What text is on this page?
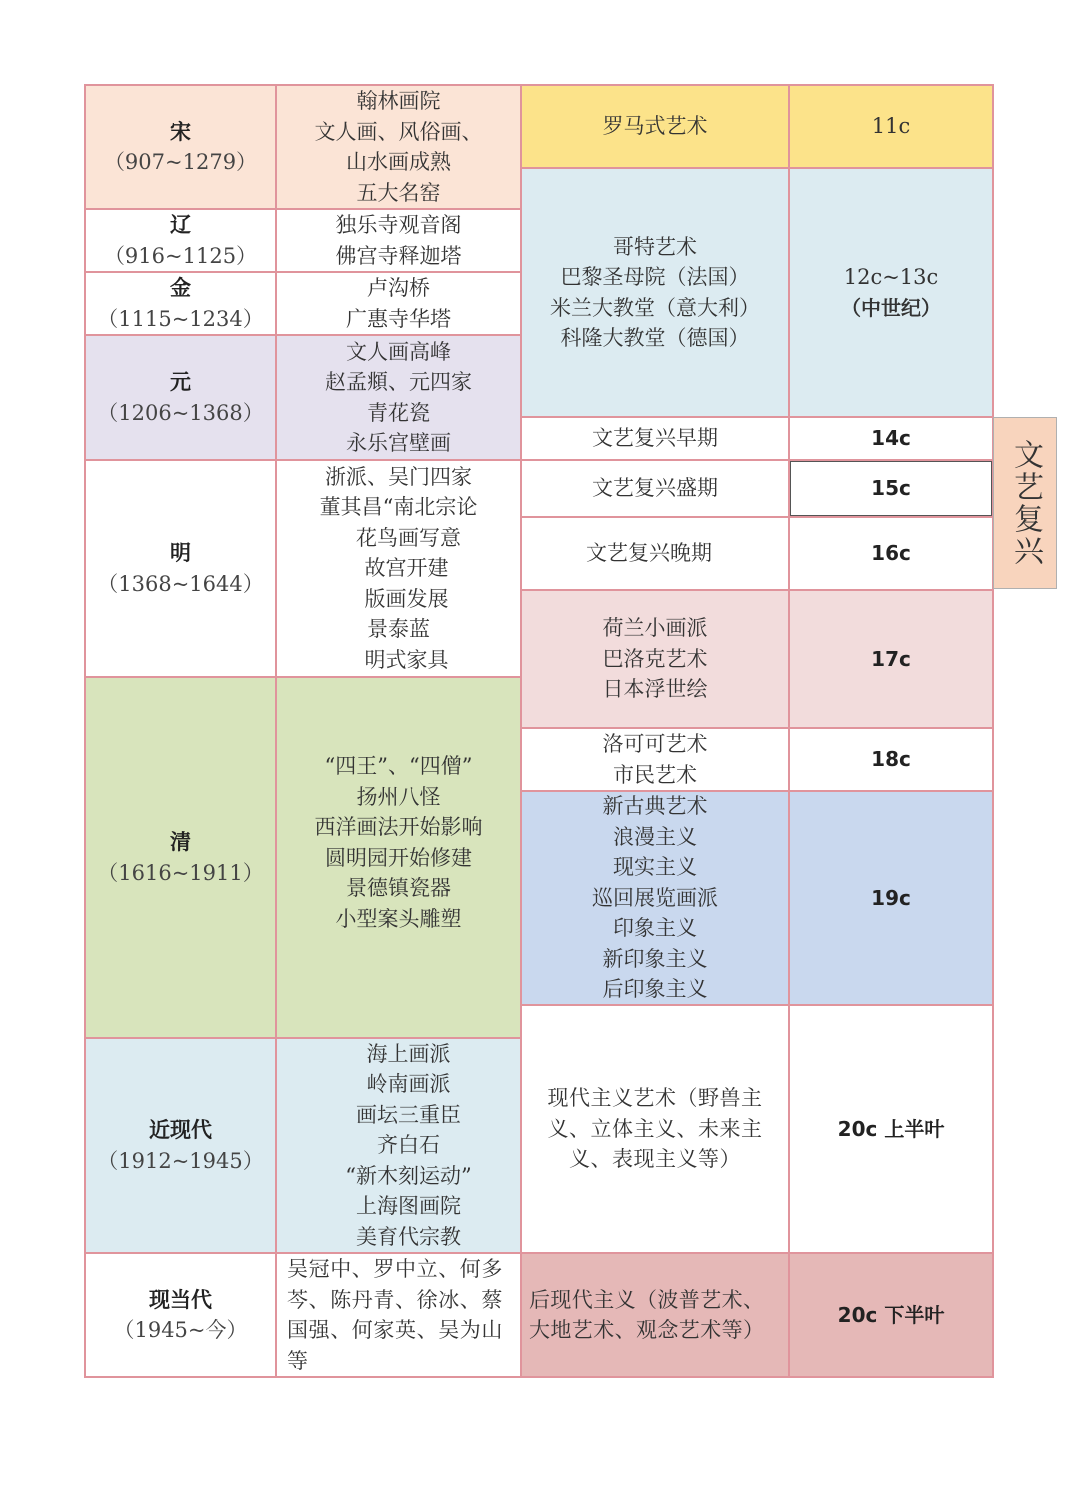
宋
（907~1279）
辽
（916~1125）
金
（1115~1234）
元
（1206~1368）
明
（1368~1644）
清
（1616~1911）
近现代
（1912~1945）
现当代
（1945~今）
翰林画院
文人画、风俗画、
山水画成熟
五大名窑
独乐寺观音阁
佛宫寺释迦塔
卢沟桥
广惠寺华塔
文人画高峰
赵孟頫、元四家
青花瓷
永乐宫壁画
浙派、吴门四家
董其昌“南北宗论
花鸟画写意
故宫开建
版画发展
景泰蓝
明式家具
“四王”、“四僧”
扬州八怪
西洋画法开始影响
圆明园开始修建
景德镇瓷器
小型案头雕塑
海上画派
岭南画派
画坛三重臣
齐白石
“新木刻运动”
上海图画院
美育代宗教
吴冠中、罗中立、何多芩、陈丹青、徐冰、蔡国强、何家英、吴为山等
罗马式艺术
哥特艺术
巴黎圣母院（法国）
米兰大教堂（意大利）
科隆大教堂（德国）
文艺复兴早期
文艺复兴盛期
文艺复兴晚期
荷兰小画派
巴洛克艺术
日本浮世绘
洛可可艺术
市民艺术
新古典艺术
浪漫主义
现实主义
巡回展览画派
印象主义
新印象主义
后印象主义
现代主义艺术（野兽主义、立体主义、未来主义、表现主义等）
后现代主义（波普艺术、大地艺术、观念艺术等）
11c
12c~13c
（中世纪）
14c
15c
16c
17c
18c
19c
20c 上半叶
20c 下半叶
文艺复兴
